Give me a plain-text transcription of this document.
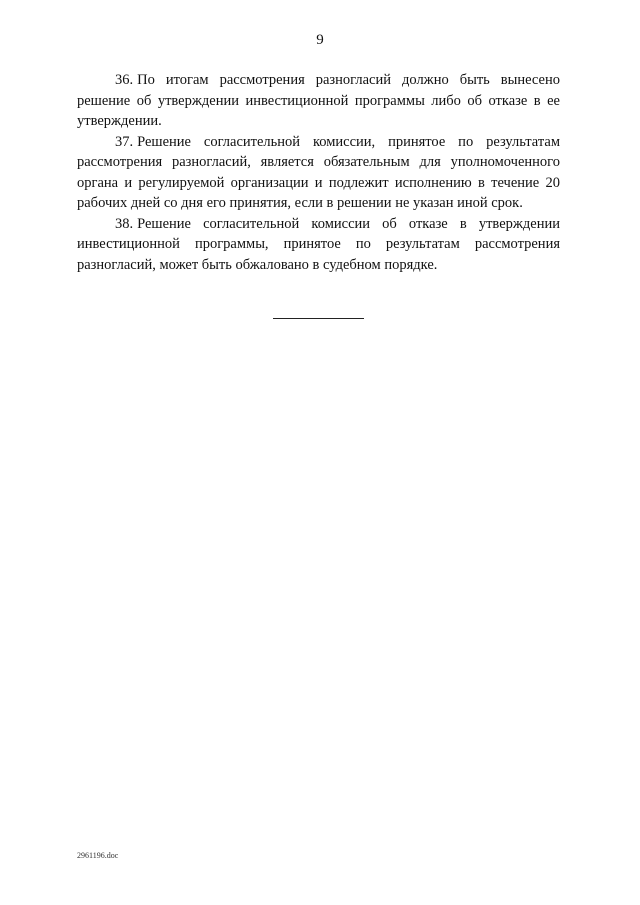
9

36. По итогам рассмотрения разногласий должно быть вынесено решение об утверждении инвестиционной программы либо об отказе в ее утверждении.

37. Решение согласительной комиссии, принятое по результатам рассмотрения разногласий, является обязательным для уполномоченного органа и регулируемой организации и подлежит исполнению в течение 20 рабочих дней со дня его принятия, если в решении не указан иной срок.

38. Решение согласительной комиссии об отказе в утверждении инвестиционной программы, принятое по результатам рассмотрения разногласий, может быть обжаловано в судебном порядке.

2961196.doc
